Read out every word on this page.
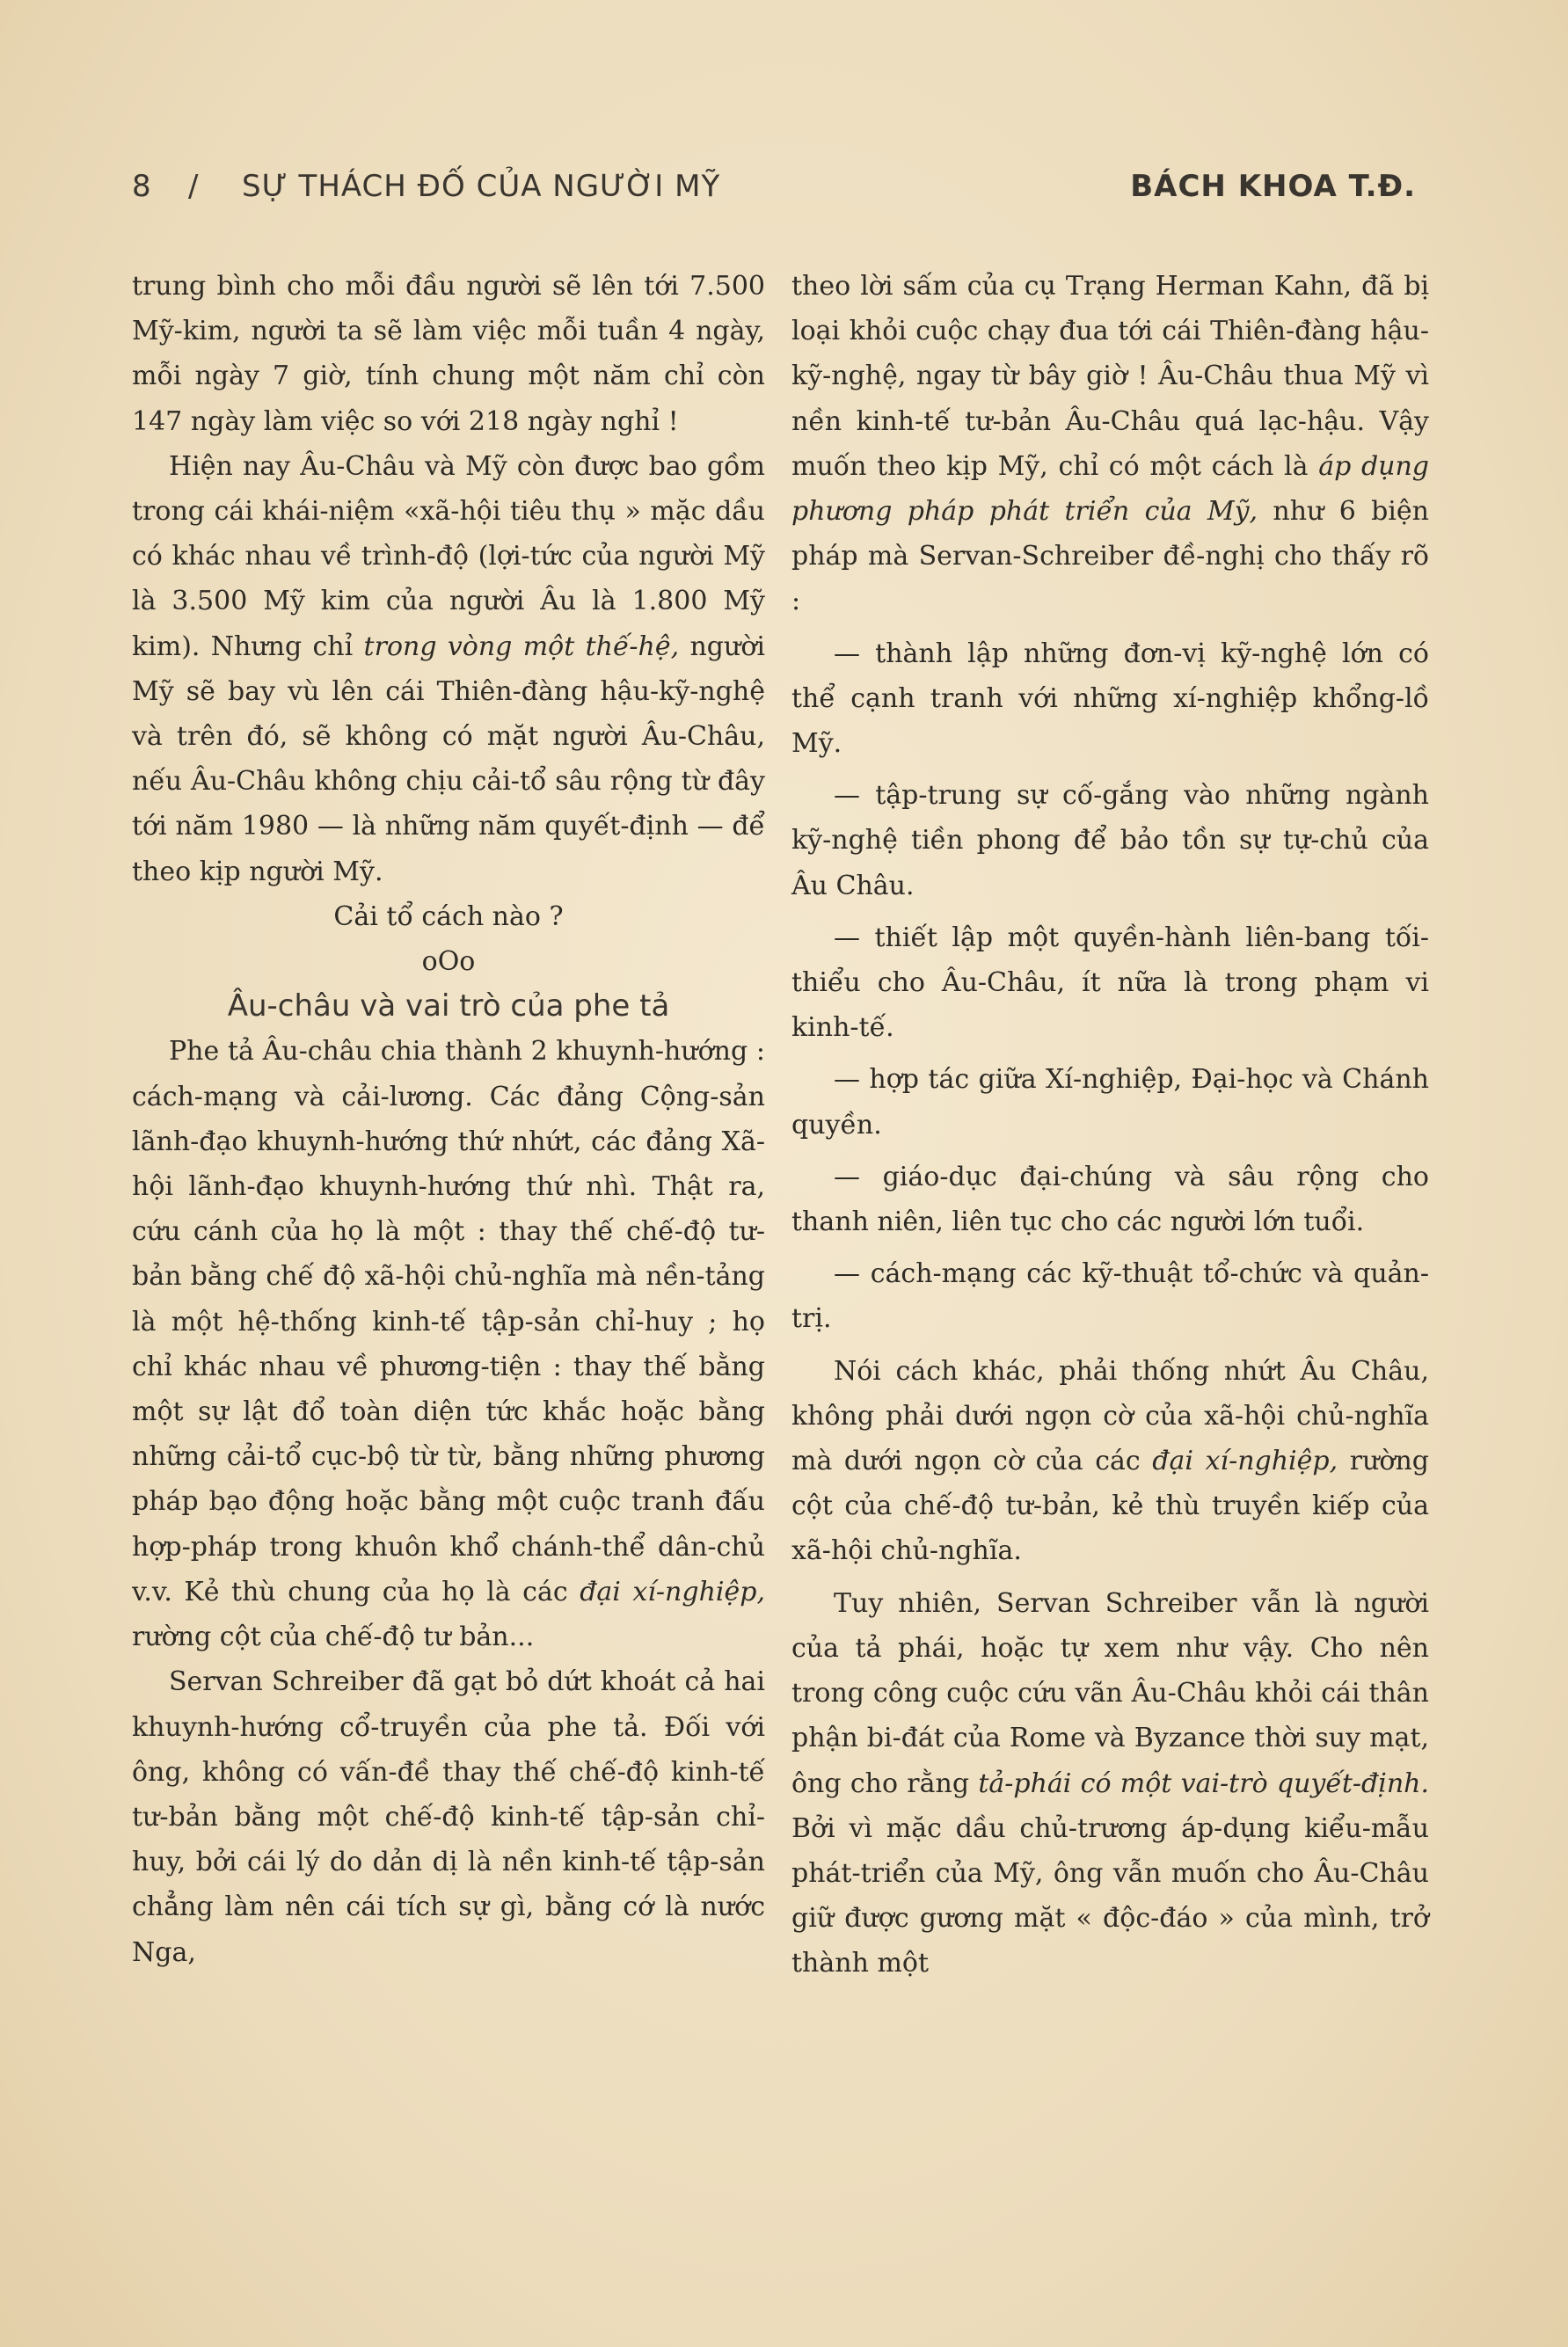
8 / SỰ THÁCH ĐỐ CỦA NGƯỜI MỸ	BÁCH KHOA T.Đ.

trung bình cho mỗi đầu người sẽ lên tới 7.500 Mỹ-kim, người ta sẽ làm việc mỗi tuần 4 ngày, mỗi ngày 7 giờ, tính chung một năm chỉ còn 147 ngày làm việc so với 218 ngày nghỉ !

Hiện nay Âu-Châu và Mỹ còn được bao gồm trong cái khái-niệm «xã-hội tiêu thụ » mặc dầu có khác nhau về trình-độ (lợi-tức của người Mỹ là 3.500 Mỹ kim của người Âu là 1.800 Mỹ kim). Nhưng chỉ trong vòng một thế-hệ, người Mỹ sẽ bay vù lên cái Thiên-đàng hậu-kỹ-nghệ và trên đó, sẽ không có mặt người Âu-Châu, nếu Âu-Châu không chịu cải-tổ sâu rộng từ đây tới năm 1980 — là những năm quyết-định — để theo kịp người Mỹ.

Cải tổ cách nào ?

oOo

Âu-châu và vai trò của phe tả

Phe tả Âu-châu chia thành 2 khuynh-hướng : cách-mạng và cải-lương. Các đảng Cộng-sản lãnh-đạo khuynh-hướng thứ nhứt, các đảng Xã-hội lãnh-đạo khuynh-hướng thứ nhì. Thật ra, cứu cánh của họ là một : thay thế chế-độ tư-bản bằng chế độ xã-hội chủ-nghĩa mà nền-tảng là một hệ-thống kinh-tế tập-sản chỉ-huy ; họ chỉ khác nhau về phương-tiện : thay thế bằng một sự lật đổ toàn diện tức khắc hoặc bằng những cải-tổ cục-bộ từ từ, bằng những phương pháp bạo động hoặc bằng một cuộc tranh đấu hợp-pháp trong khuôn khổ chánh-thể dân-chủ v.v. Kẻ thù chung của họ là các đại xí-nghiệp, rường cột của chế-độ tư bản...

Servan Schreiber đã gạt bỏ dứt khoát cả hai khuynh-hướng cổ-truyền của phe tả. Đối với ông, không có vấn-đề thay thế chế-độ kinh-tế tư-bản bằng một chế-độ kinh-tế tập-sản chỉ-huy, bởi cái lý do dản dị là nền kinh-tế tập-sản chẳng làm nên cái tích sự gì, bằng cớ là nước Nga,

theo lời sấm của cụ Trạng Herman Kahn, đã bị loại khỏi cuộc chạy đua tới cái Thiên-đàng hậu-kỹ-nghệ, ngay từ bây giờ ! Âu-Châu thua Mỹ vì nền kinh-tế tư-bản Âu-Châu quá lạc-hậu. Vậy muốn theo kịp Mỹ, chỉ có một cách là áp dụng phương pháp phát triển của Mỹ, như 6 biện pháp mà Servan-Schreiber đề-nghị cho thấy rõ :

— thành lập những đơn-vị kỹ-nghệ lớn có thể cạnh tranh với những xí-nghiệp khổng-lồ Mỹ.

— tập-trung sự cố-gắng vào những ngành kỹ-nghệ tiền phong để bảo tồn sự tự-chủ của Âu Châu.

— thiết lập một quyền-hành liên-bang tối-thiểu cho Âu-Châu, ít nữa là trong phạm vi kinh-tế.

— hợp tác giữa Xí-nghiệp, Đại-học và Chánh quyền.

— giáo-dục đại-chúng và sâu rộng cho thanh niên, liên tục cho các người lớn tuổi.

— cách-mạng các kỹ-thuật tổ-chức và quản-trị.

Nói cách khác, phải thống nhứt Âu Châu, không phải dưới ngọn cờ của xã-hội chủ-nghĩa mà dưới ngọn cờ của các đại xí-nghiệp, rường cột của chế-độ tư-bản, kẻ thù truyền kiếp của xã-hội chủ-nghĩa.

Tuy nhiên, Servan Schreiber vẫn là người của tả phái, hoặc tự xem như vậy. Cho nên trong công cuộc cứu vãn Âu-Châu khỏi cái thân phận bi-đát của Rome và Byzance thời suy mạt, ông cho rằng tả-phái có một vai-trò quyết-định. Bởi vì mặc dầu chủ-trương áp-dụng kiểu-mẫu phát-triển của Mỹ, ông vẫn muốn cho Âu-Châu giữ được gương mặt « độc-đáo » của mình, trở thành một
